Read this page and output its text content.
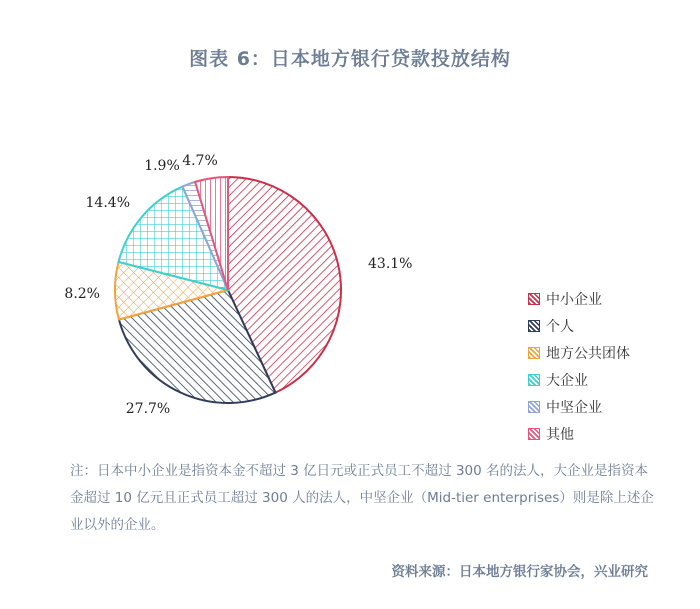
图表 6：日本地方银行贷款投放结构
43.1%
27.7%
8.2%
14.4%
1.9% 4.7%
中小企业
个人
地方公共团体
大企业
中坚企业
其他
注：日本中小企业是指资本金不超过 3 亿日元或正式员工不超过 300 名的法人，大企业是指资本金超过 10 亿元且正式员工超过 300 人的法人，中坚企业（Mid-tier enterprises）则是除上述企业以外的企业。
资料来源：日本地方银行家协会，兴业研究
